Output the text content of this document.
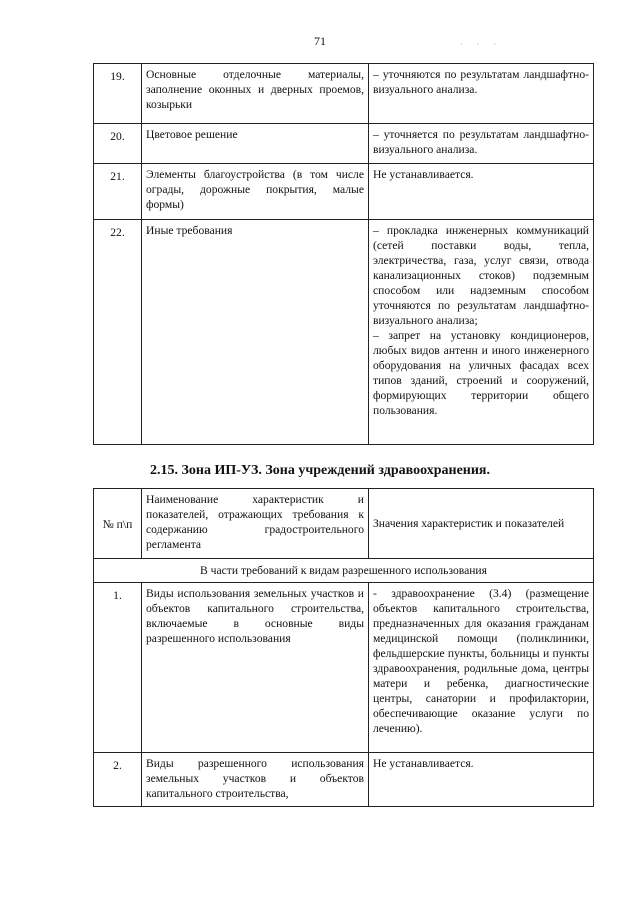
71	· · ·
19.	Основные отделочные материалы, заполнение оконных и дверных проемов, козырьки	– уточняются по результатам ландшафтно-визуального анализа.
20.	Цветовое решение	– уточняется по результатам ландшафтно-визуального анализа.
21.	Элементы благоустройства (в том числе ограды, дорожные покрытия, малые формы)	Не устанавливается.
22.	Иные требования	– прокладка инженерных коммуникаций (сетей поставки воды, тепла, электричества, газа, услуг связи, отвода канализационных стоков) подземным способом или надземным способом уточняются по результатам ландшафтно-визуального анализа;
– запрет на установку кондиционеров, любых видов антенн и иного инженерного оборудования на уличных фасадах всех типов зданий, строений и сооружений, формирующих территории общего пользования.
2.15. Зона ИП-УЗ. Зона учреждений здравоохранения.
№ п\п	Наименование характеристик и показателей, отражающих требования к содержанию градостроительного регламента	Значения характеристик и показателей
В части требований к видам разрешенного использования		
1.	Виды использования земельных участков и объектов капитального строительства, включаемые в основные виды разрешенного использования	- здравоохранение (3.4) (размещение объектов капитального строительства, предназначенных для оказания гражданам медицинской помощи (поликлиники, фельдшерские пункты, больницы и пункты здравоохранения, родильные дома, центры матери и ребенка, диагностические центры, санатории и профилактории, обеспечивающие оказание услуги по лечению).
2.	Виды разрешенного использования земельных участков и объектов капитального строительства,	Не устанавливается.
